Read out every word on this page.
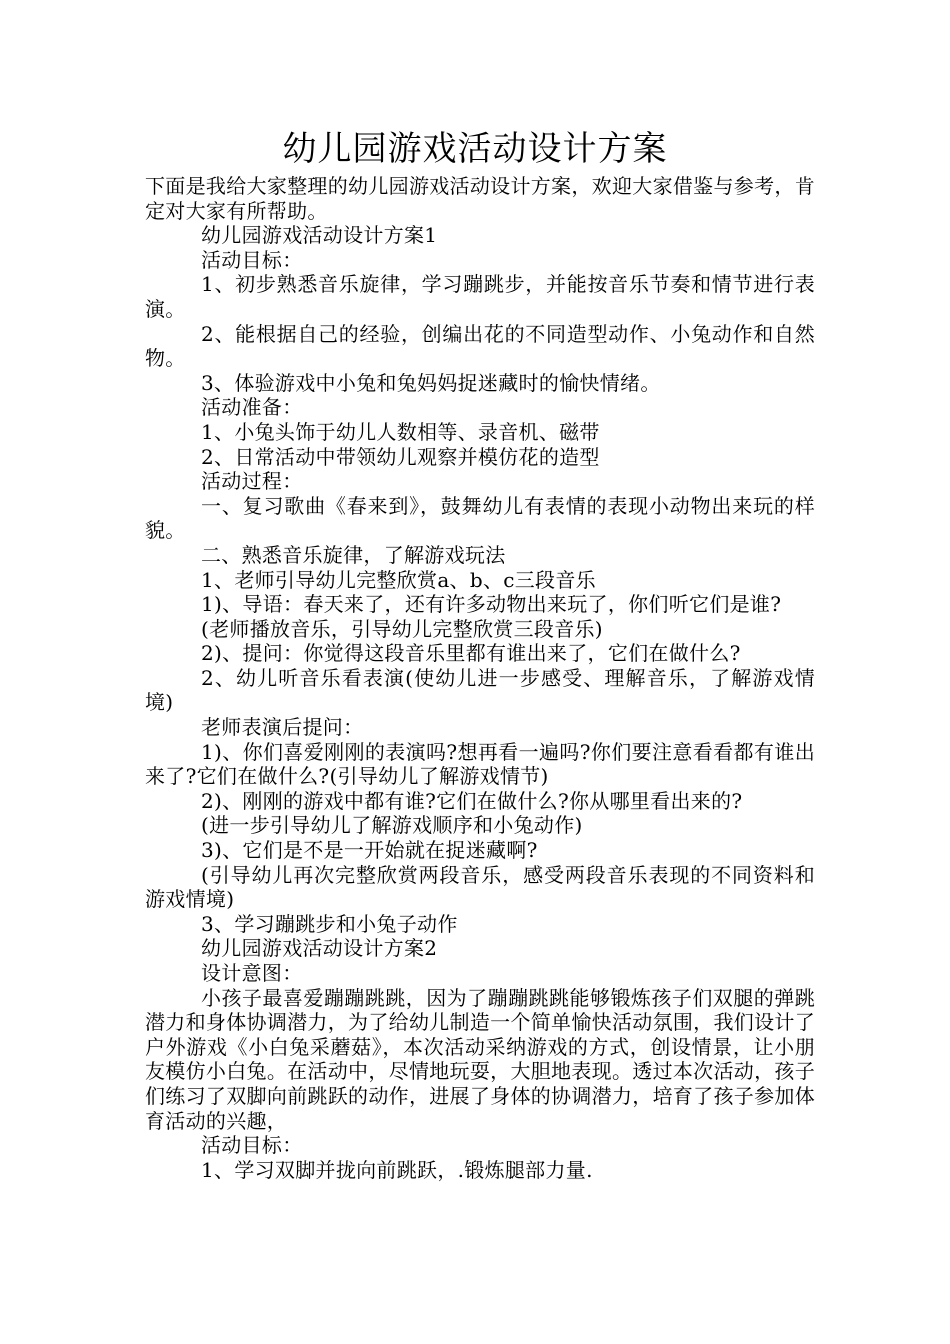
幼儿园游戏活动设计方案

下面是我给大家整理的幼儿园游戏活动设计方案，欢迎大家借鉴与参考，肯定对大家有所帮助。

幼儿园游戏活动设计方案1

活动目标：

1、初步熟悉音乐旋律，学习蹦跳步，并能按音乐节奏和情节进行表演。

2、能根据自己的经验，创编出花的不同造型动作、小兔动作和自然物。

3、体验游戏中小兔和兔妈妈捉迷藏时的愉快情绪。

活动准备：

1、小兔头饰于幼儿人数相等、录音机、磁带

2、日常活动中带领幼儿观察并模仿花的造型

活动过程：

一、复习歌曲《春来到》，鼓舞幼儿有表情的表现小动物出来玩的样貌。

二、熟悉音乐旋律，了解游戏玩法

1、老师引导幼儿完整欣赏a、b、c三段音乐

1)、导语：春天来了，还有许多动物出来玩了，你们听它们是谁?

(老师播放音乐，引导幼儿完整欣赏三段音乐)

2)、提问：你觉得这段音乐里都有谁出来了，它们在做什么?

2、幼儿听音乐看表演(使幼儿进一步感受、理解音乐，了解游戏情境)

老师表演后提问：

1)、你们喜爱刚刚的表演吗?想再看一遍吗?你们要注意看看都有谁出来了?它们在做什么?(引导幼儿了解游戏情节)

2)、刚刚的游戏中都有谁?它们在做什么?你从哪里看出来的?

(进一步引导幼儿了解游戏顺序和小兔动作)

3)、它们是不是一开始就在捉迷藏啊?

(引导幼儿再次完整欣赏两段音乐，感受两段音乐表现的不同资料和游戏情境)

3、学习蹦跳步和小兔子动作

幼儿园游戏活动设计方案2

设计意图：

小孩子最喜爱蹦蹦跳跳，因为了蹦蹦跳跳能够锻炼孩子们双腿的弹跳潜力和身体协调潜力，为了给幼儿制造一个简单愉快活动氛围，我们设计了户外游戏《小白兔采蘑菇》，本次活动采纳游戏的方式，创设情景，让小朋友模仿小白兔。在活动中，尽情地玩耍，大胆地表现。透过本次活动，孩子们练习了双脚向前跳跃的动作，进展了身体的协调潜力，培育了孩子参加体育活动的兴趣，

活动目标：

1、学习双脚并拢向前跳跃，.锻炼腿部力量.
